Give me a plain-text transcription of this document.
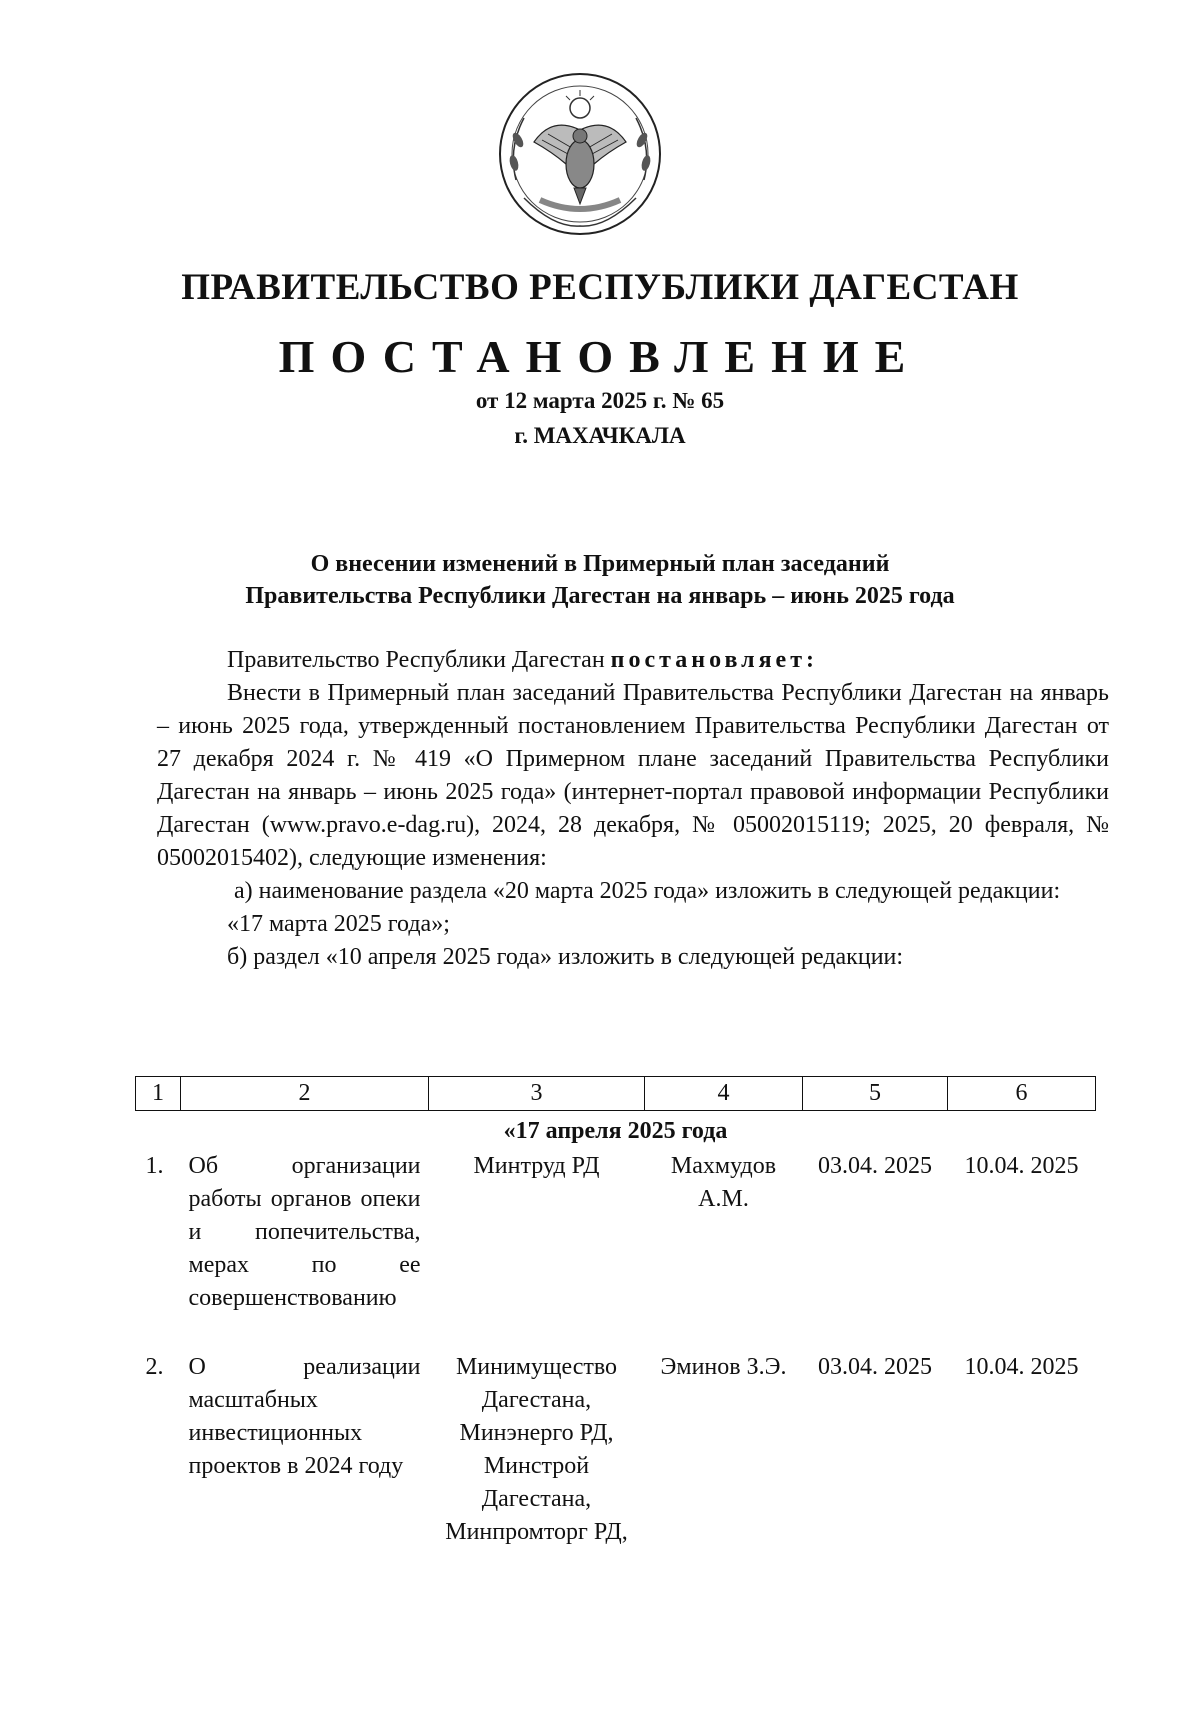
ПРАВИТЕЛЬСТВО РЕСПУБЛИКИ ДАГЕСТАН
ПОСТАНОВЛЕНИЕ
от 12 марта 2025 г. № 65
г. МАХАЧКАЛА
О внесении изменений в Примерный план заседаний
Правительства Республики Дагестан на январь – июнь 2025 года

Правительство Республики Дагестан постановляет:

Внести в Примерный план заседаний Правительства Республики Дагестан на январь – июнь 2025 года, утвержденный постановлением Правительства Республики Дагестан от 27 декабря 2024 г. № 419 «О Примерном плане заседаний Правительства Республики Дагестан на январь – июнь 2025 года» (интернет-портал правовой информации Республики Дагестан (www.pravo.e-dag.ru), 2024, 28 декабря, № 05002015119; 2025, 20 февраля, № 05002015402), следующие изменения:

а) наименование раздела «20 марта 2025 года» изложить в следующей редакции:

«17 марта 2025 года»;

б) раздел «10 апреля 2025 года» изложить в следующей редакции:

1	2	3	4	5	6
«17 апреля 2025 года					
1.	Об организации работы органов опеки и попечительства, мерах по ее совершенствованию	Минтруд РД	Махмудов А.М.	03.04. 2025	10.04. 2025
2.	О реализации масштабных инвестиционных проектов в 2024 году	Минимущество Дагестана, Минэнерго РД, Минстрой Дагестана, Минпромторг РД,	Эминов З.Э.	03.04. 2025	10.04. 2025
